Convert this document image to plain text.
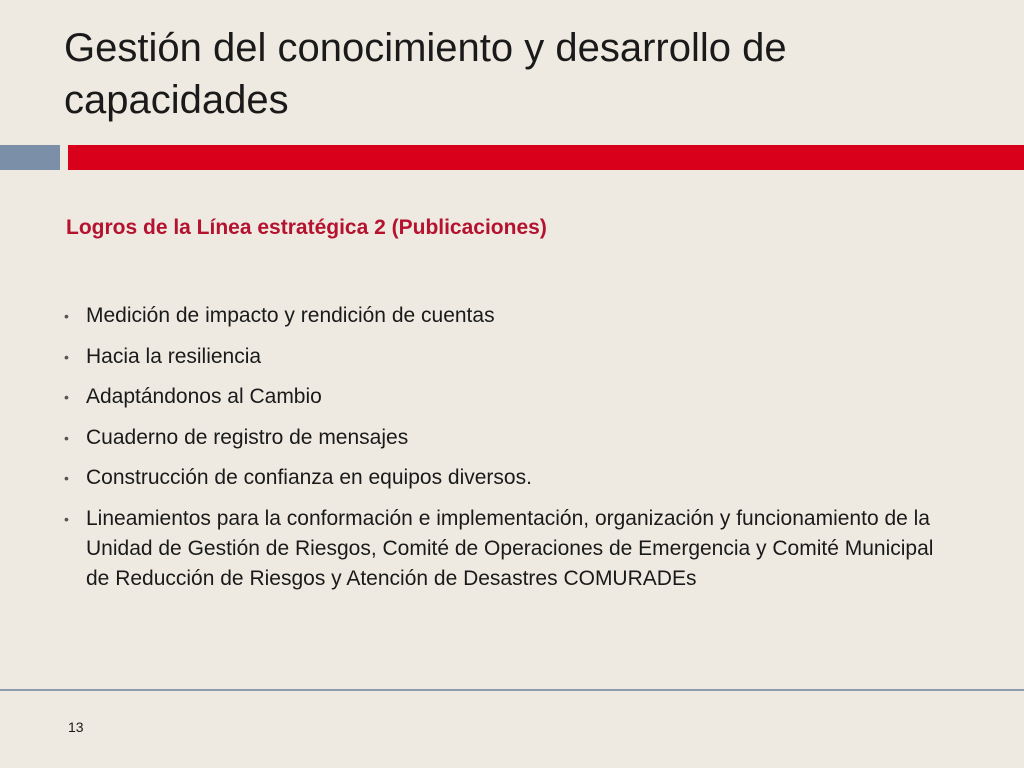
Gestión del conocimiento y desarrollo de capacidades
Logros de la Línea estratégica 2 (Publicaciones)
• Medición de impacto y rendición de cuentas
• Hacia la resiliencia
• Adaptándonos al Cambio
• Cuaderno de registro de mensajes
• Construcción de confianza en equipos diversos.
• Lineamientos para la conformación e implementación, organización y funcionamiento de la Unidad de Gestión de Riesgos, Comité de Operaciones de Emergencia y Comité Municipal de Reducción de Riesgos y Atención de Desastres COMURADEs
13
